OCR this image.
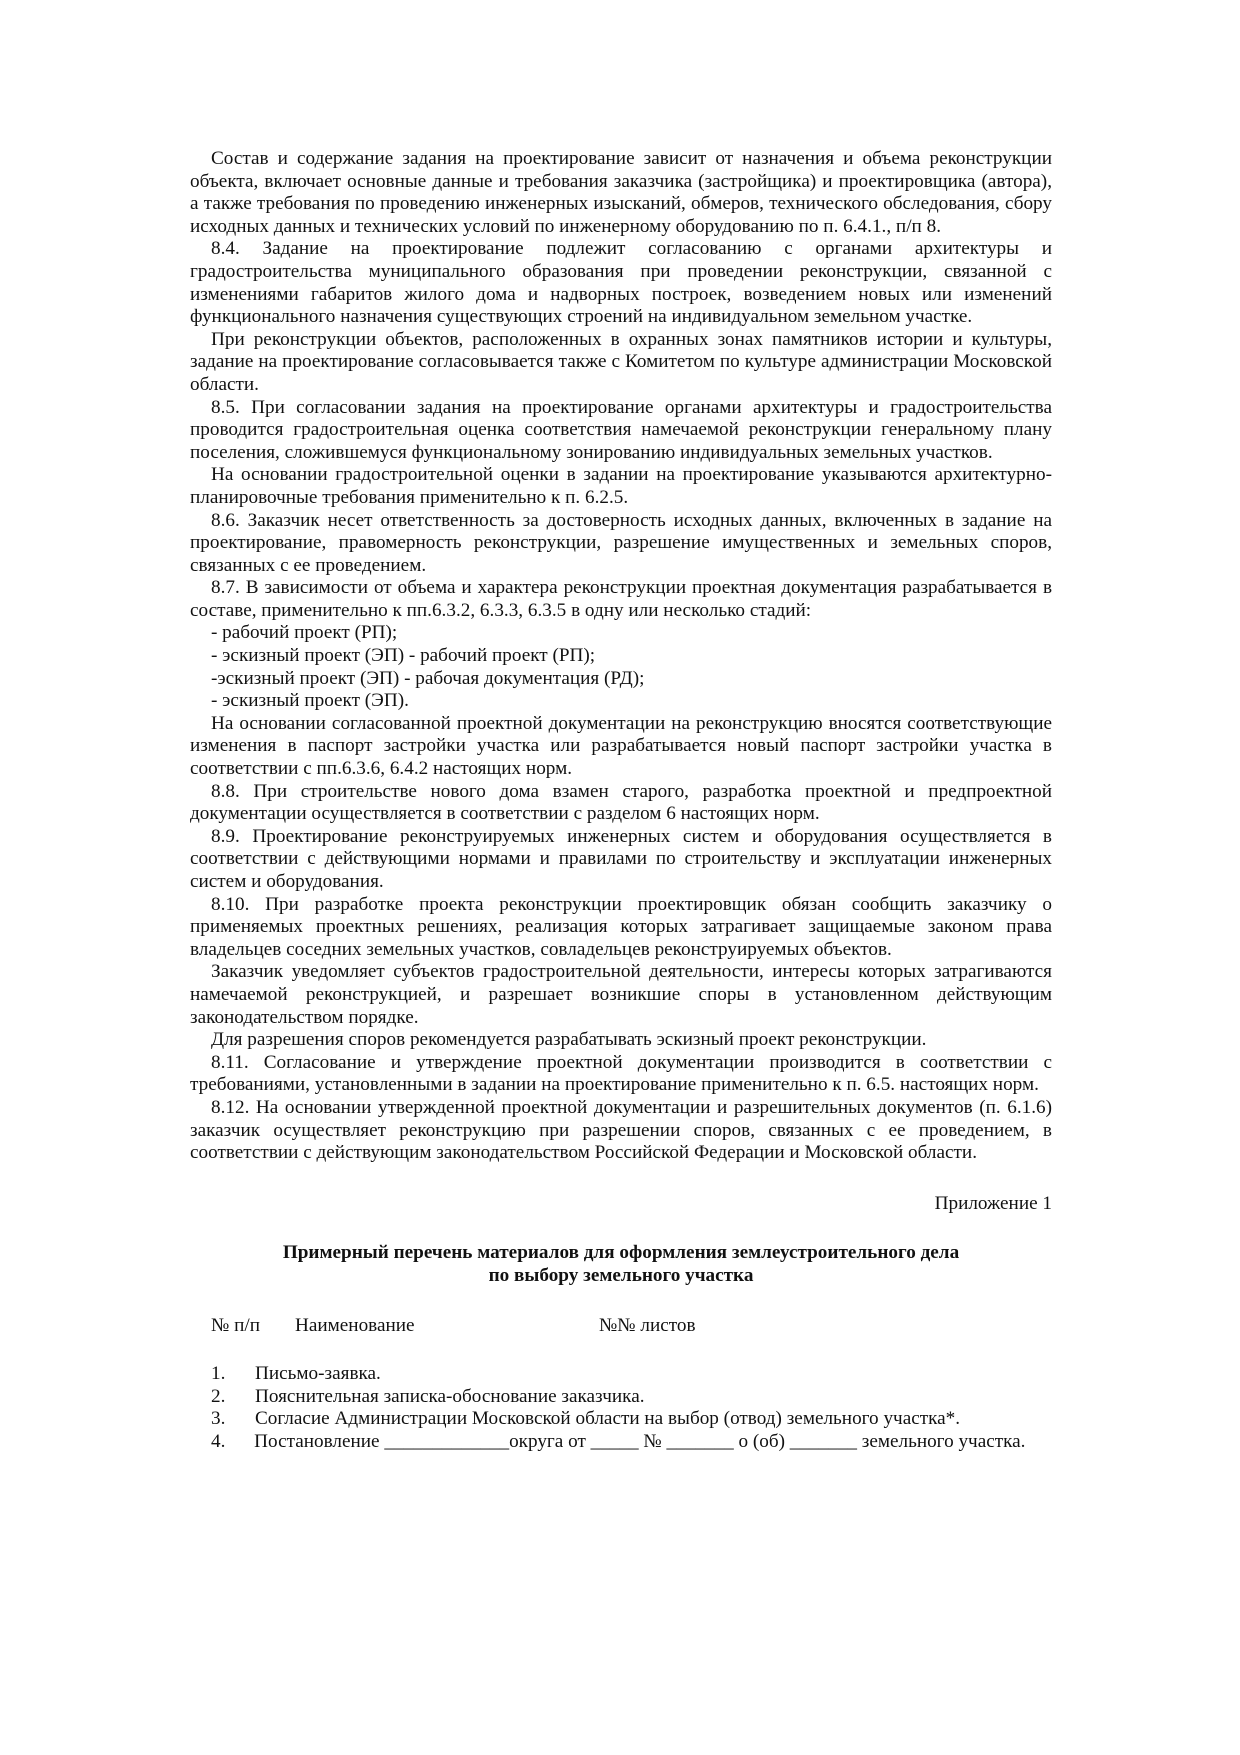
Состав и содержание задания на проектирование зависит от назначения и объема реконструкции объекта, включает основные данные и требования заказчика (застройщика) и проектировщика (автора), а также требования по проведению инженерных изысканий, обмеров, технического обследования, сбору исходных данных и технических условий по инженерному оборудованию по п. 6.4.1., п/п 8.

8.4. Задание на проектирование подлежит согласованию с органами архитектуры и градостроительства муниципального образования при проведении реконструкции, связанной с изменениями габаритов жилого дома и надворных построек, возведением новых или изменений функционального назначения существующих строений на индивидуальном земельном участке.

При реконструкции объектов, расположенных в охранных зонах памятников истории и культуры, задание на проектирование согласовывается также с Комитетом по культуре администрации Московской области.

8.5. При согласовании задания на проектирование органами архитектуры и градостроительства проводится градостроительная оценка соответствия намечаемой реконструкции генеральному плану поселения, сложившемуся функциональному зонированию индивидуальных земельных участков.

На основании градостроительной оценки в задании на проектирование указываются архитектурно- планировочные требования применительно к п. 6.2.5.

8.6. Заказчик несет ответственность за достоверность исходных данных, включенных в задание на проектирование, правомерность реконструкции, разрешение имущественных и земельных споров, связанных с ее проведением.

8.7. В зависимости от объема и характера реконструкции проектная документация разрабатывается в составе, применительно к пп.6.3.2, 6.3.3, 6.3.5 в одну или несколько стадий:

- рабочий проект (РП);

- эскизный проект (ЭП) - рабочий проект (РП);

-эскизный проект (ЭП) - рабочая документация (РД);

- эскизный проект (ЭП).

На основании согласованной проектной документации на реконструкцию вносятся соответствующие изменения в паспорт застройки участка или разрабатывается новый паспорт застройки участка в соответствии с пп.6.3.6, 6.4.2 настоящих норм.

8.8. При строительстве нового дома взамен старого, разработка проектной и предпроектной документации осуществляется в соответствии с разделом 6 настоящих норм.

8.9. Проектирование реконструируемых инженерных систем и оборудования осуществляется в соответствии с действующими нормами и правилами по строительству и эксплуатации инженерных систем и оборудования.

8.10. При разработке проекта реконструкции проектировщик обязан сообщить заказчику о применяемых проектных решениях, реализация которых затрагивает защищаемые законом права владельцев соседних земельных участков, совладельцев реконструируемых объектов.

Заказчик уведомляет субъектов градостроительной деятельности, интересы которых затрагиваются намечаемой реконструкцией, и разрешает возникшие споры в установленном действующим законодательством порядке.

Для разрешения споров рекомендуется разрабатывать эскизный проект реконструкции.

8.11. Согласование и утверждение проектной документации производится в соответствии с требованиями, установленными в задании на проектирование применительно к п. 6.5. настоящих норм.

8.12. На основании утвержденной проектной документации и разрешительных документов (п. 6.1.6) заказчик осуществляет реконструкцию при разрешении споров, связанных с ее проведением, в соответствии с действующим законодательством Российской Федерации и Московской области.

Приложение 1
Примерный перечень материалов для оформления землеустроительного дела
по выбору земельного участка
№ п/п	Наименование	№№ листов
1.	Письмо-заявка.
2.	Пояснительная записка-обоснование заказчика.
3.	Согласие Администрации Московской области на выбор (отвод) земельного участка*.

4.      Постановление _____________округа от _____ № _______ о (об) _______ земельного участка.
